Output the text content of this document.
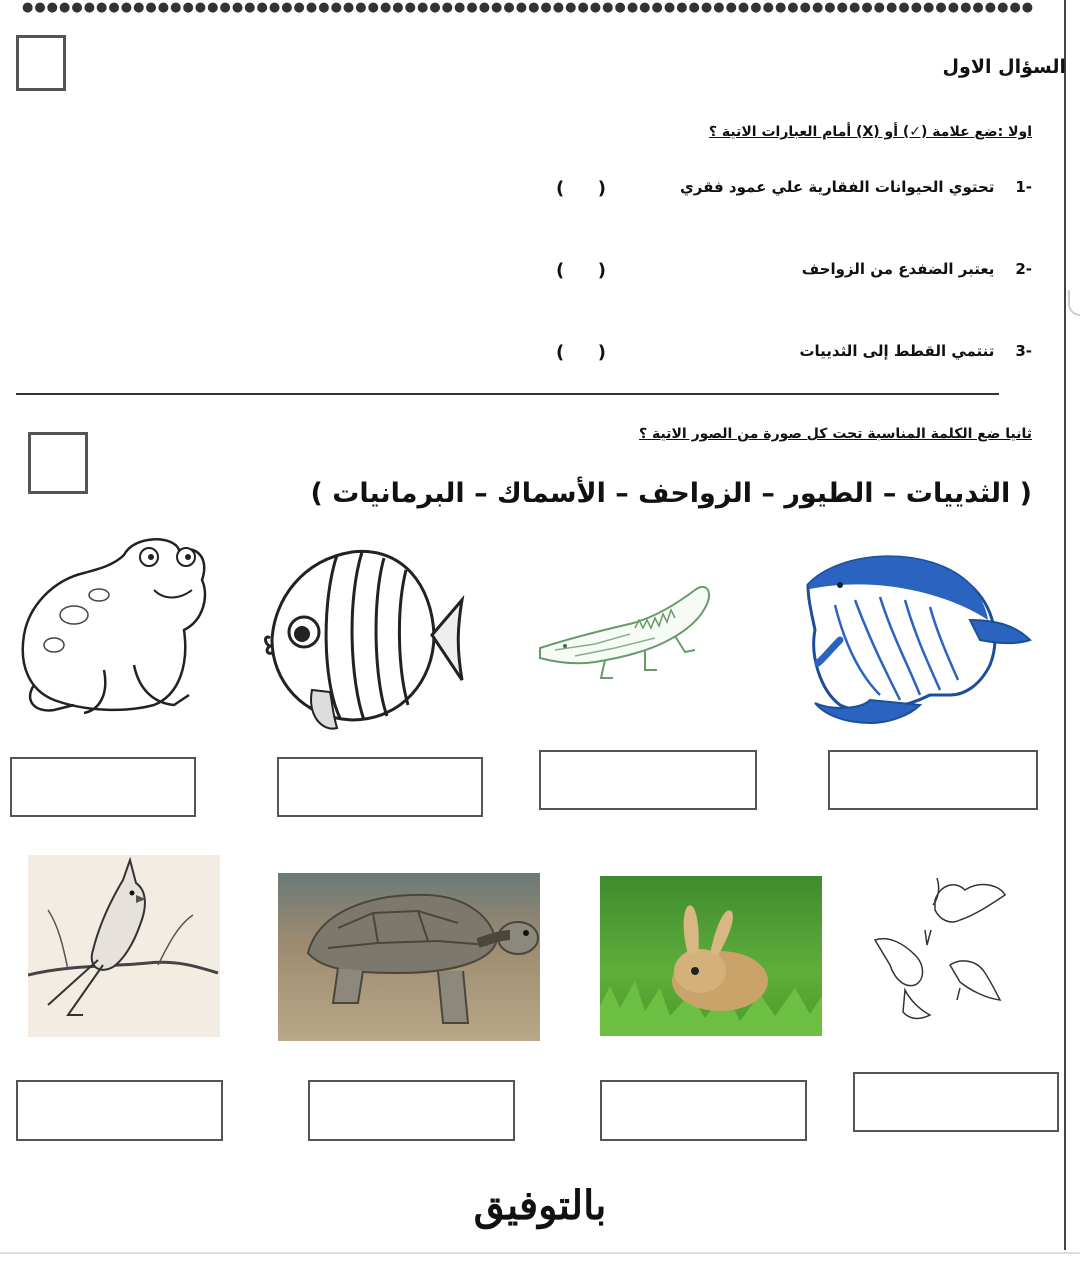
●●●●●●●●●●●●●●●●●●●●●●●●●●●●●●●●●●●●●●●●●●●●●●●●●●●●●●●●●●●●●●●●●●●●●●●●●●●●●●●●●●
السؤال الاول
اولا :ضع علامة (✓) أو (X) أمام العبارات الاتية ؟
-1    تحتوي الحيوانات الفقارية علي عمود فقري
( )
-2    يعتبر الضفدع من الزواحف
( )
-3    تنتمي القطط إلى الثدييات
( )
ثانيا ضع الكلمة المناسبة تحت كل صورة من الصور الاتية ؟
( الثدييات – الطيور – الزواحف – الأسماك – البرمانيات )
بالتوفيق
